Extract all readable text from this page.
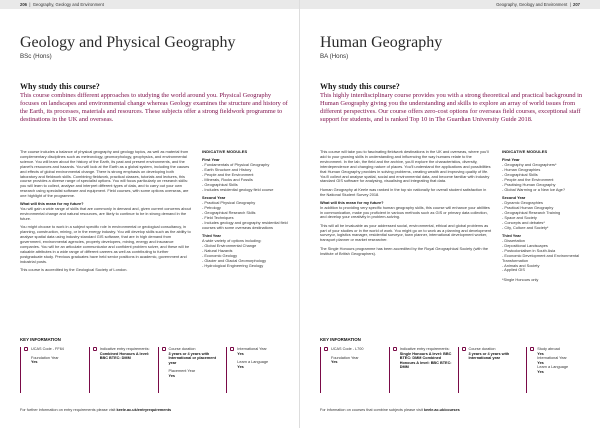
206  |  Geography, Geology and Environment
Geology and Physical Geography
BSc (Hons)
Why study this course?

This course combines different approaches to studying the world around you. Physical Geography focuses on landscapes and environmental change whereas Geology examines the structure and history of the Earth, its processes, materials and resources. These subjects offer a strong fieldwork programme to destinations in the UK and overseas.

The course includes a balance of physical geography and geology topics, as well as material from complementary disciplines such as meteorology, geomorphology, geophysics, and environmental science. You will learn about the history of the Earth, its past and present environments, and the planet's resources and hazards. You will look at the Earth as a global system, including the causes and effects of global environmental change. There is strong emphasis on developing both laboratory and fieldwork skills. Combining fieldwork, practical classes, tutorials and lectures, this course provides a diverse range of specialist options. You will focus particularly on research skills: you will learn to collect, analyse and interpret different types of data, and to carry out your own research using specialist software and equipment. Field courses, with some options overseas, are one highlight of the programme.

What will this mean for my future?
You will gain a wide range of skills that are commonly in demand and, given current concerns about environmental change and natural resources, are likely to continue to be in strong demand in the future.

You might choose to work in a subject specific role in environmental or geological consultancy, in planning, construction, mining, or in the energy industry. You will develop skills such as the ability to analyse spatial data using industry standard GIS software, that are in high demand from government, environmental agencies, property developers, mining, energy and insurance companies. You will be an articulate communicator and confident problem solver, and these will be valuable attributes in a wide range of different careers as well as contributing to further postgraduate study. Previous graduates have held senior positions in academic, government and industrial posts.

This course is accredited by the Geological Society of London.

INDICATIVE MODULES
First Year
- Fundamentals of Physical Geography
- Earth Structure and History
- People and the Environment
- Minerals, Rocks and Fossils
- Geographical Skills
- Includes residential geology field course
Second Year
- Practical Physical Geography
- Petrology
- Geographical Research Skills
- Field Techniques
- Includes geology and geography residential field courses with some overseas destinations
Third Year
A wide variety of options including:
- Global Environmental Change
- Natural Hazards
- Economic Geology
- Glacier and Glacial Geomorphology
- Hydrological Engineering Geology
KEY INFORMATION
UCAS Code - FF64
Foundation Year
Yes
Indicative entry requirements:
Combined Honours A level: BBC BTEC: DMM
Course duration
3 years or 4 years with International or placement year
Placement Year
Yes
International Year
Yes
Learn a Language
Yes
For further information on entry requirements please visit keele.ac.uk/entryrequirements
Geography, Geology and Environment  |  207
Human Geography
BA (Hons)
Why study this course?

This highly interdisciplinary course provides you with a strong theoretical and practical background in Human Geography giving you the understanding and skills to explore an array of world issues from different perspectives. Our course offers zero-cost options for overseas field courses, exceptional staff support for students, and is ranked Top 10 in The Guardian University Guide 2018.

This course will take you to fascinating fieldwork destinations in the UK and overseas, where you'll add to your growing skills in understanding and influencing the way humans relate to the environment. In the lab, the field and the archive, you'll explore the characteristics, diversity, interdependence and changing nature of places. You'll understand the applications and possibilities that Human Geography provides in solving problems, creating wealth and improving quality of life. You'll collect and analyse spatial, social and environmental data, and become familiar with industry standard GIS software for analysing, visualising and integrating that data.

Human Geography at Keele was ranked in the top six nationally for overall student satisfaction in the National Student Survey 2018.

What will this mean for my future?
In addition to providing very specific human geography skills, this course will enhance your abilities in communication, make you proficient in various methods such as GIS or primary data collection, and develop your creativity in problem-solving.

This will all be invaluable as your addressed social, environmental, ethical and global problems as part of your studies or in the world of work. You might go on to work as a planning and development surveyor, logistics manager, residential surveyor, town planner, international development worker, transport planner or market researcher.

The Single Honours programme has been accredited by the Royal Geographical Society (with the Institute of British Geographers).

INDICATIVE MODULES
First Year
- Geography and Geographers*
- Human Geographies
- Geographical Skills
- People and the Environment
- Practising Human Geography
- Global Warming or a New Ice Age?
Second Year
- Dynamic Geographies
- Practical Human Geography
- Geographical Research Training
- Space and Society
- Concepts and debates*
- City, Culture and Society*
Third Year
- Dissertation
- Depositional Landscapes
- Postcolonialism in South Asia
- Economic Development and Environmental Transformation
- Animals and Society
- Applied GIS
*Single Honours only
KEY INFORMATION
UCAS Code - L700
Foundation Year
Yes
Indicative entry requirements:
Single Honours A level: BBC BTEC: DMM Combined Honours A level: BBC BTEC: DMM
Course duration
3 years or 4 years with international year
Study abroad
Yes
International Year
Yes
Learn a Language
Yes
For information on courses that combine subjects please visit keele.ac.uk/courses
